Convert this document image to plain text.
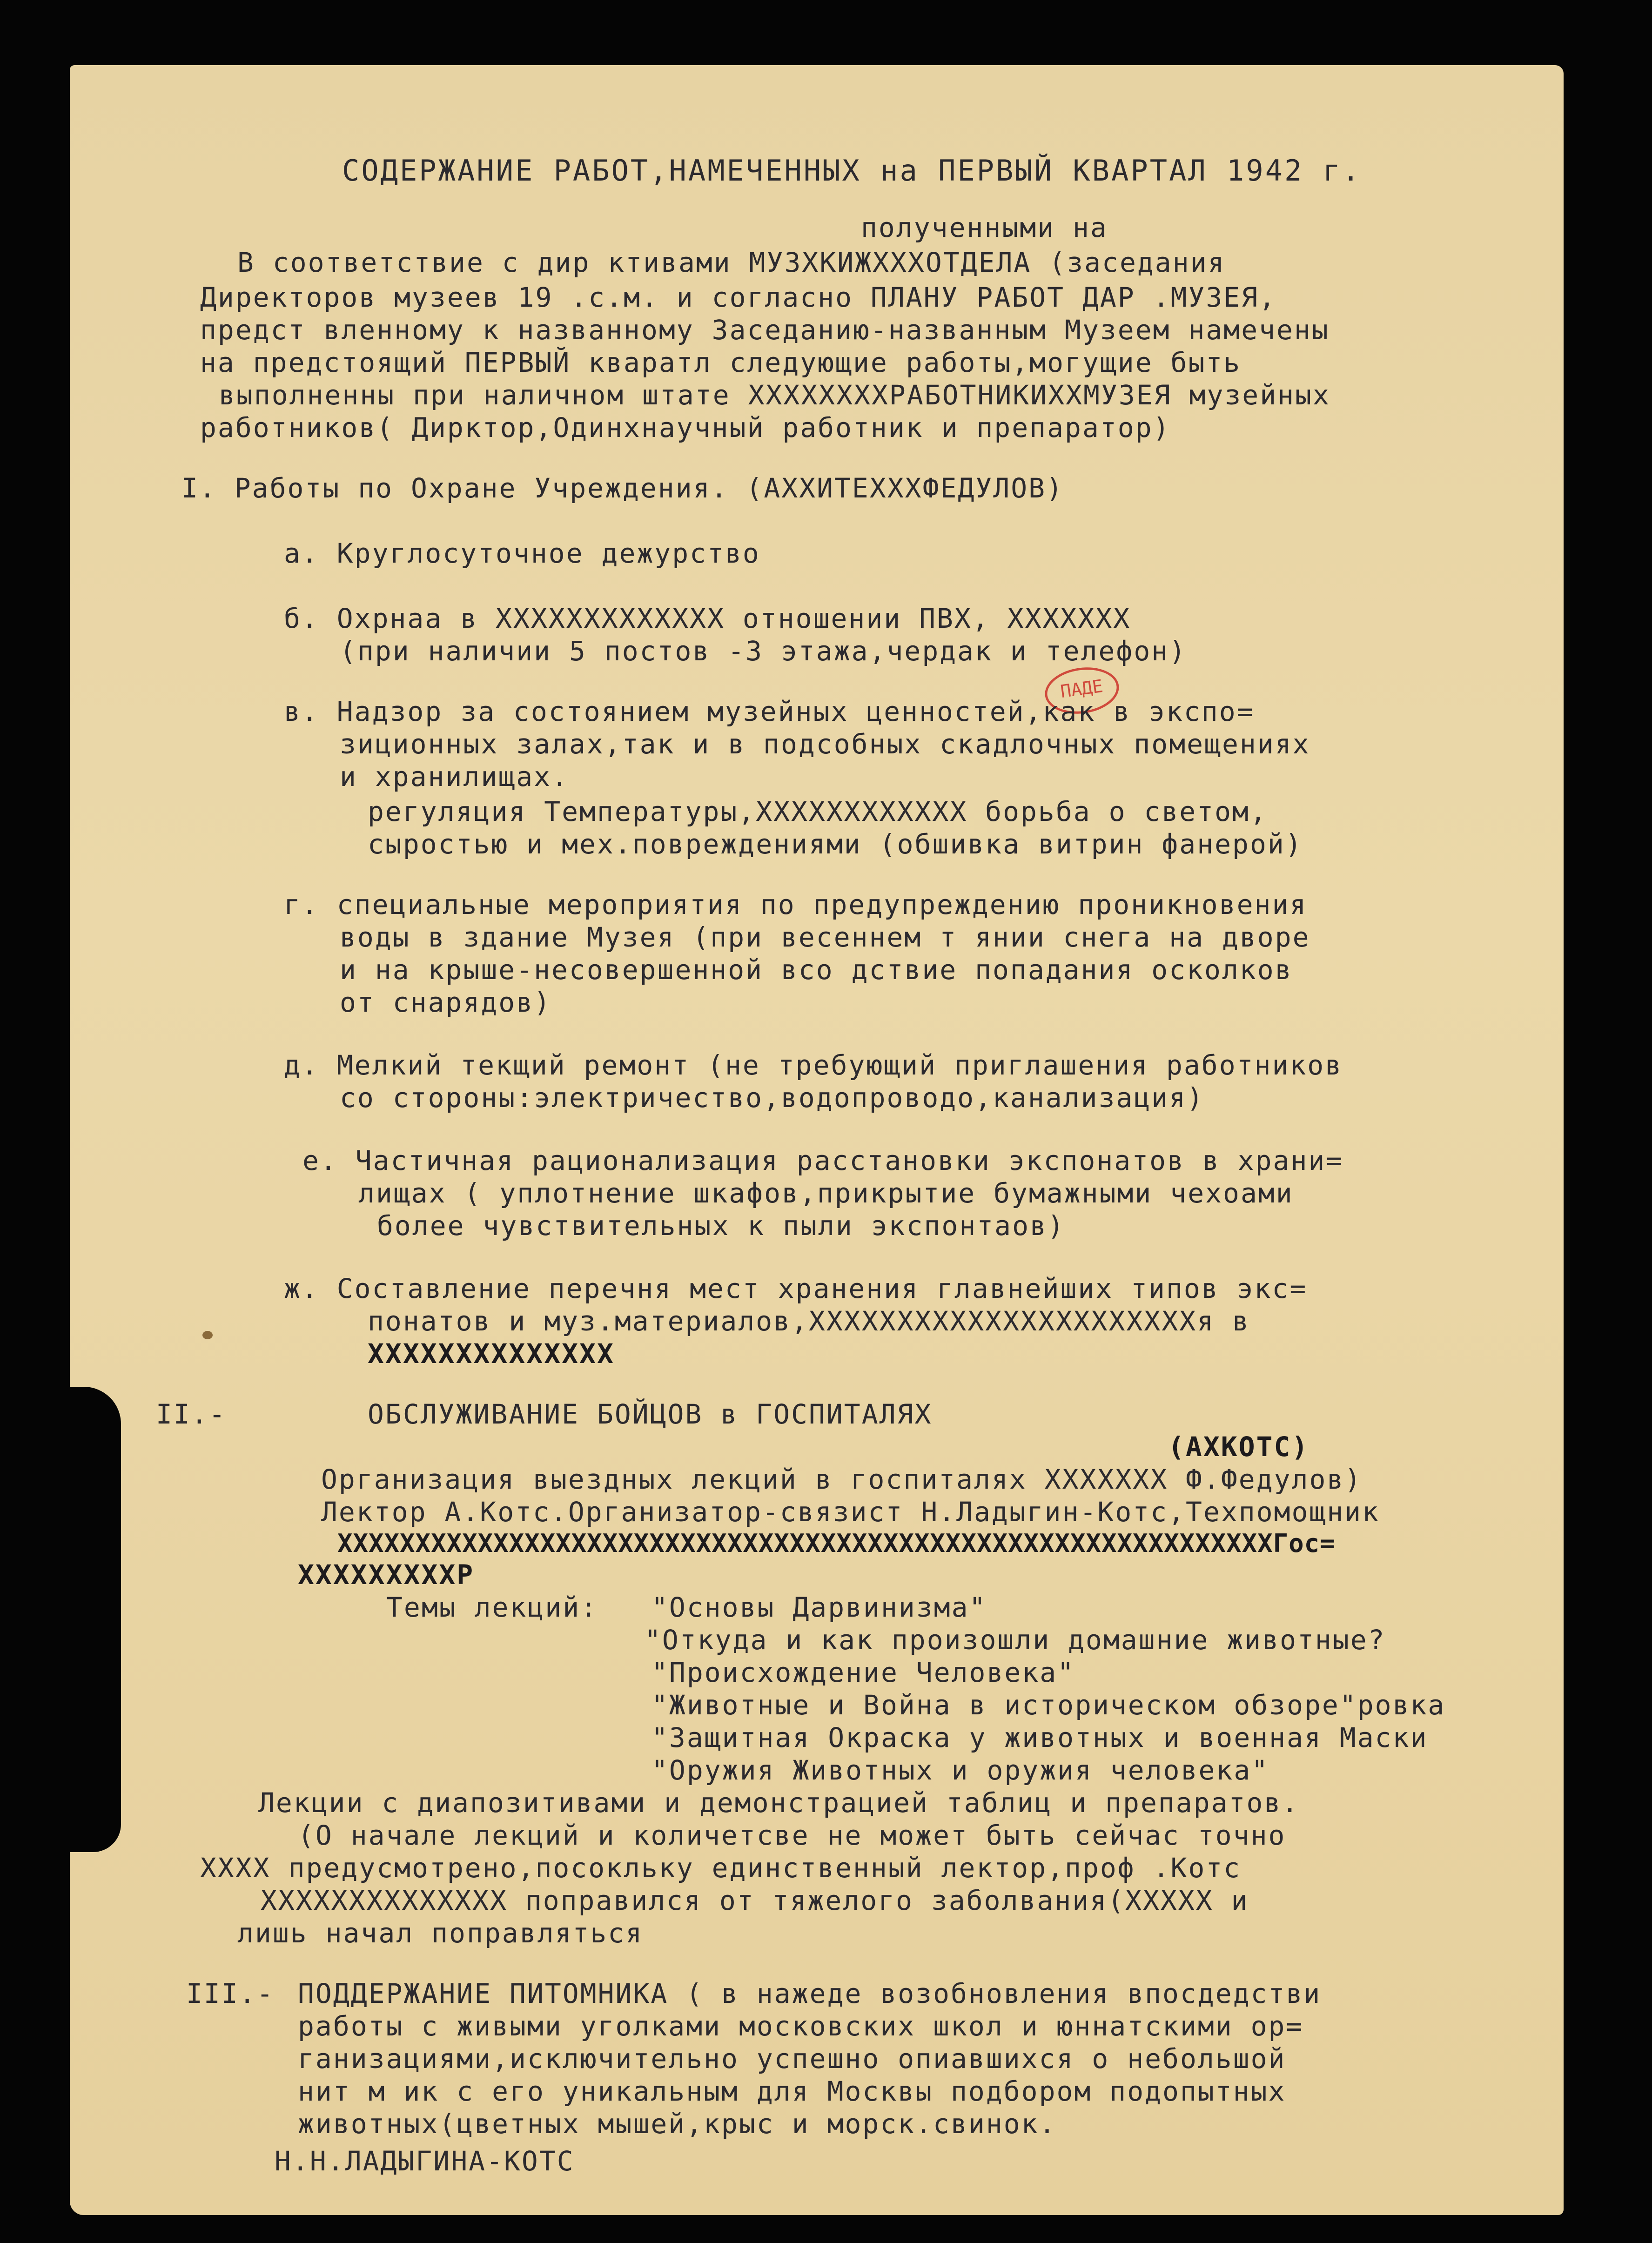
СОДЕРЖАНИЕ РАБОТ,НАМЕЧЕННЫХ на ПЕРВЫЙ КВАРТАЛ 1942 г.
полученными на
В соответствие с дир ктивами МУЗХКИЖХХХОТДЕЛА (заседания
Директоров музеев 19 .с.м. и согласно ПЛАНУ РАБОТ ДАР .МУЗЕЯ,
предст вленному к названному Заседанию-названным Музеем намечены
на предстоящий ПЕРВЫЙ кваратл следующие работы,могущие быть
выполненны при наличном штате ХХХХХХХХРАБОТНИКИХХМУЗЕЯ музейных
работников( Дирктор,Одинхнаучный работник и препаратор)
I. Работы по Охране Учреждения. (АХХИТЕХХХФЕДУЛОВ)
а. Круглосуточное дежурство
б. Охрнаа в ХХХХХХХХХХХХХ отношении ПВХ, ХХХХХХХ
(при наличии 5 постов -3 этажа,чердак и телефон)
ПАДЕ
в. Надзор за состоянием музейных ценностей,как в экспо=
зиционных залах,так и в подсобных скадлочных помещениях
и хранилищах.
регуляция Температуры,ХХХХХХХХХХХХ борьба о светом,
сыростью и мех.повреждениями (обшивка витрин фанерой)
г. специальные мероприятия по предупреждению проникновения
воды в здание Музея (при весеннем т янии снега на дворе
и на крыше-несовершенной всо дствие попадания осколков
от снарядов)
д. Мелкий текщий ремонт (не требующий приглашения работников
со стороны:электричество,водопроводо,канализация)
е. Частичная рационализация расстановки экспонатов в храни=
лищах ( уплотнение шкафов,прикрытие бумажными чехоами
более чувствительных к пыли экспонтаов)
ж. Составление перечня мест хранения главнейших типов экс=
понатов и муз.материалов,ХХХХХХХХХХХХХХХХХХХХХХя в
ХХХХХХХХХХХХХХ
II.-	ОБСЛУЖИВАНИЕ БОЙЦОВ в ГОСПИТАЛЯХ
(АХКОТС)
Организация выездных лекций в госпиталях ХХХХХХХ Ф.Федулов)
Лектор А.Котс.Организатор-связист Н.Ладыгин-Котс,Техпомощник
ХХХХХХХХХХХХХХХХХХХХХХХХХХХХХХХХХХХХХХХХХХХХХХХХХХХХХХХХХХХХГос=
ХХХХХХХХХР
Темы лекций: "Основы Дарвинизма"
"Откуда и как произошли домашние животные?
"Происхождение Человека"
"Животные и Война в историческом обзоре"ровка
"Защитная Окраска у животных и военная Маски
"Оружия Животных и оружия человека"
Лекции с диапозитивами и демонстрацией таблиц и препаратов.
(О начале лекций и количетсве не может быть сейчас точно
ХХХХ предусмотрено,посокльку единственный лектор,проф .Котс
ХХХХХХХХХХХХХХ поправился от тяжелого заболвания(ХХХХХ и
лишь начал поправляться
III.- ПОДДЕРЖАНИЕ ПИТОМНИКА ( в нажеде возобновления впосдедстви
работы с живыми уголками московских школ и юннатскими ор=
ганизациями,исключительно успешно опиавшихся о небольшой
нит м ик с его уникальным для Москвы подбором подопытных
животных(цветных мышей,крыс и морск.свинок.
Н.Н.ЛАДЫГИНА-КОТС
